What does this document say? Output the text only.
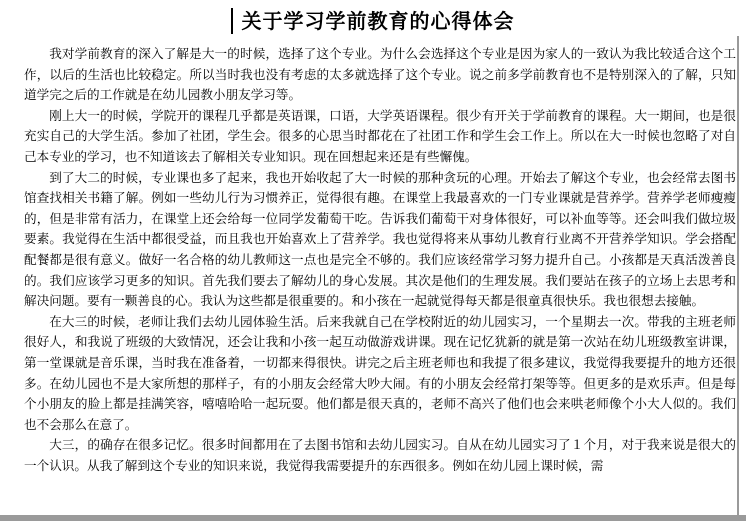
关于学习学前教育的心得体会

我对学前教育的深入了解是大一的时候，选择了这个专业。为什么会选择这个专业是因为家人的一致认为我比较适合这个工作，以后的生活也比较稳定。所以当时我也没有考虑的太多就选择了这个专业。说之前多学前教育也不是特别深入的了解，只知道学完之后的工作就是在幼儿园教小朋友学习等。

刚上大一的时候，学院开的课程几乎都是英语课，口语，大学英语课程。很少有开关于学前教育的课程。大一期间，也是很充实自己的大学生活。参加了社团，学生会。很多的心思当时都花在了社团工作和学生会工作上。所以在大一时候也忽略了对自己本专业的学习，也不知道该去了解相关专业知识。现在回想起来还是有些懈傀。

到了大二的时候，专业课也多了起来，我也开始收起了大一时候的那种贪玩的心理。开始去了解这个专业，也会经常去图书馆查找相关书籍了解。例如一些幼儿行为习惯养正，觉得很有趣。在课堂上我最喜欢的一门专业课就是营养学。营养学老师瘦瘦的，但是非常有活力，在课堂上还会给每一位同学发葡萄干吃。告诉我们葡萄干对身体很好，可以补血等等。还会叫我们做垃圾要素。我觉得在生活中都很受益，而且我也开始喜欢上了营养学。我也觉得将来从事幼儿教育行业离不开营养学知识。学会搭配配餐都是很有意义。做好一名合格的幼儿教师这一点也是完全不够的。我们应该经常学习努力提升自己。小孩都是天真活泼善良的。我们应该学习更多的知识。首先我们要去了解幼儿的身心发展。其次是他们的生理发展。我们要站在孩子的立场上去思考和解决问题。要有一颗善良的心。我认为这些都是很重要的。和小孩在一起就觉得每天都是很童真很快乐。我也很想去接触。

在大三的时候，老师让我们去幼儿园体验生活。后来我就自己在学校附近的幼儿园实习，一个星期去一次。带我的主班老师很好人，和我说了班级的大致情况，还会让我和小孩一起互动做游戏讲课。现在记忆犹新的就是第一次站在幼儿班级教室讲课，第一堂课就是音乐课，当时我在准备着，一切都来得很快。讲完之后主班老师也和我提了很多建议，我觉得我要提升的地方还很多。在幼儿园也不是大家所想的那样子，有的小朋友会经常大吵大闹。有的小朋友会经常打架等等。但更多的是欢乐声。但是每个小朋友的脸上都是挂满笑容，嘻嘻哈哈一起玩耍。他们都是很天真的，老师不高兴了他们也会来哄老师像个小大人似的。我们也不会那么在意了。

大三，的确存在很多记忆。很多时间都用在了去图书馆和去幼儿园实习。自从在幼儿园实习了１个月，对于我来说是很大的一个认识。从我了解到这个专业的知识来说，我觉得我需要提升的东西很多。例如在幼儿园上课时候，需
